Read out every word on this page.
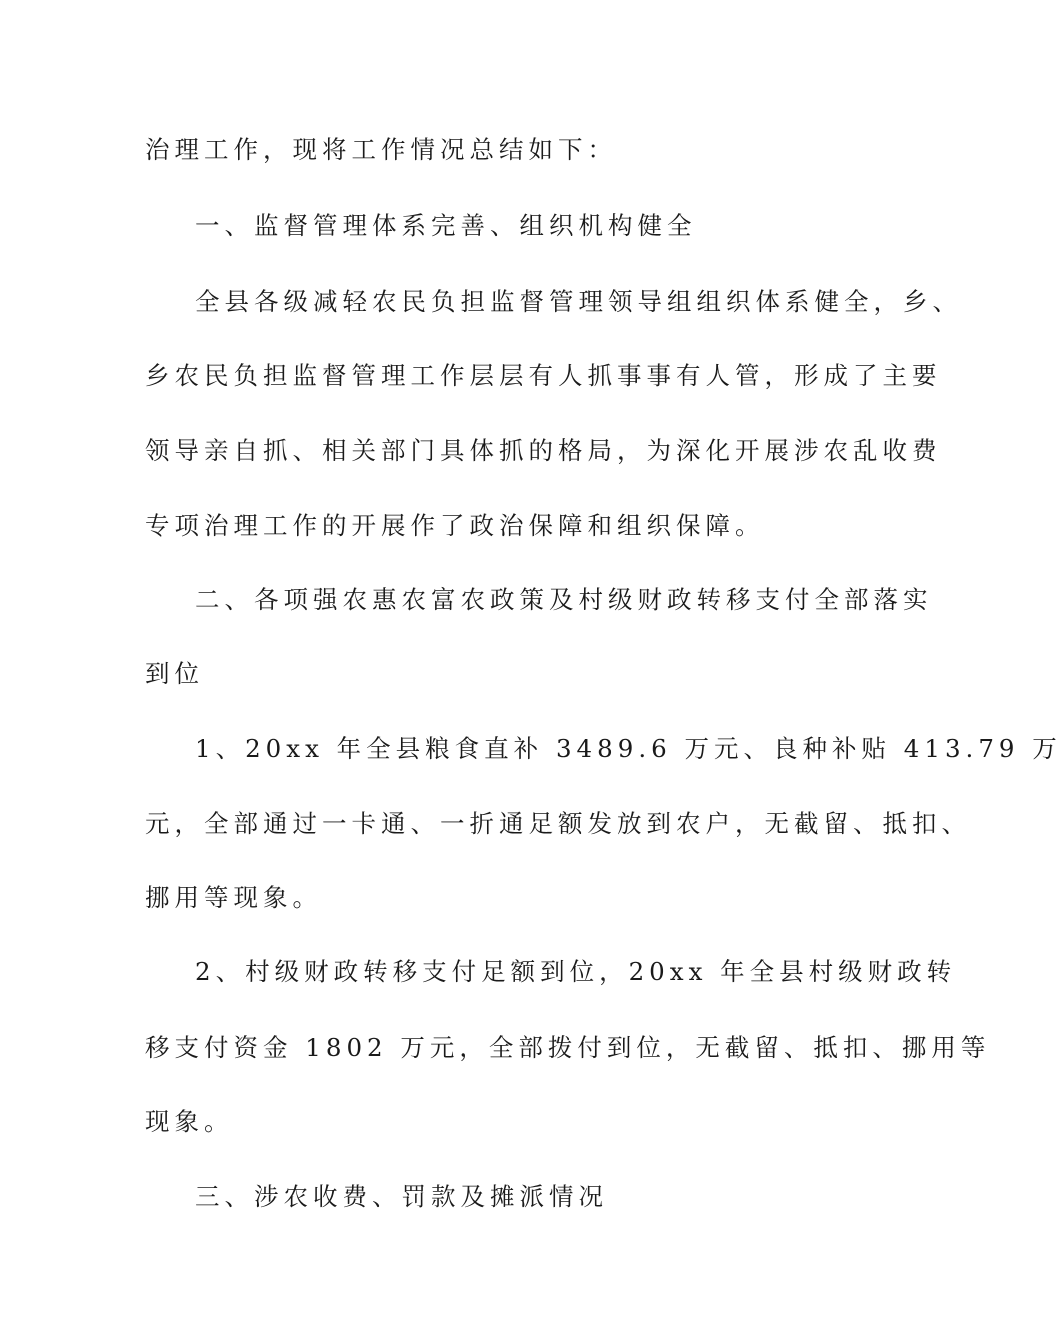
治理工作，现将工作情况总结如下：
一、监督管理体系完善、组织机构健全
全县各级减轻农民负担监督管理领导组组织体系健全，乡、
乡农民负担监督管理工作层层有人抓事事有人管，形成了主要
领导亲自抓、相关部门具体抓的格局，为深化开展涉农乱收费
专项治理工作的开展作了政治保障和组织保障。
二、各项强农惠农富农政策及村级财政转移支付全部落实
到位
1、20xx 年全县粮食直补 3489.6 万元、良种补贴 413.79 万
元，全部通过一卡通、一折通足额发放到农户，无截留、抵扣、
挪用等现象。
2、村级财政转移支付足额到位，20xx 年全县村级财政转
移支付资金 1802 万元，全部拨付到位，无截留、抵扣、挪用等
现象。
三、涉农收费、罚款及摊派情况
